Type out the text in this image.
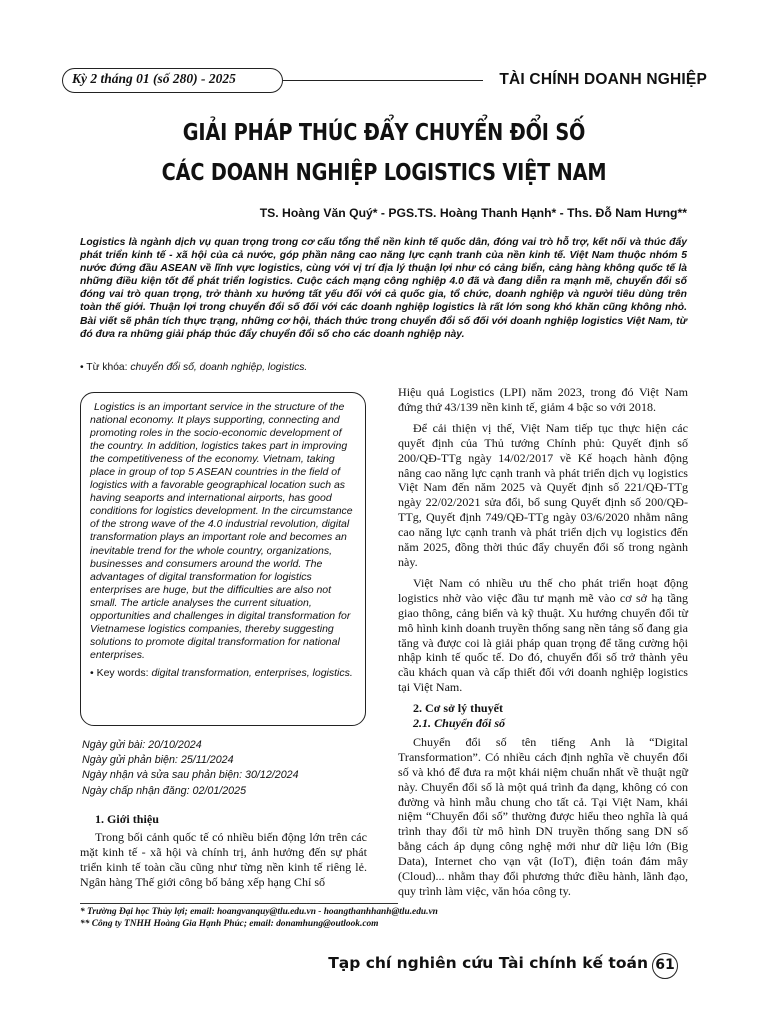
Kỳ 2 tháng 01 (số 280) - 2025	TÀI CHÍNH DOANH NGHIỆP
GIẢI PHÁP THÚC ĐẨY CHUYỂN ĐỔI SỐ
CÁC DOANH NGHIỆP LOGISTICS VIỆT NAM
TS. Hoàng Văn Quý* - PGS.TS. Hoàng Thanh Hạnh* - Ths. Đỗ Nam Hưng**
Logistics là ngành dịch vụ quan trọng trong cơ cấu tổng thể nền kinh tế quốc dân, đóng vai trò hỗ trợ, kết nối và thúc đẩy phát triển kinh tế - xã hội của cả nước, góp phần nâng cao năng lực cạnh tranh của nền kinh tế. Việt Nam thuộc nhóm 5 nước đứng đầu ASEAN về lĩnh vực logistics, cùng với vị trí địa lý thuận lợi như có cảng biển, cảng hàng không quốc tế là những điều kiện tốt để phát triển logistics. Cuộc cách mạng công nghiệp 4.0 đã và đang diễn ra mạnh mẽ, chuyển đổi số đóng vai trò quan trọng, trở thành xu hướng tất yếu đối với cả quốc gia, tổ chức, doanh nghiệp và người tiêu dùng trên toàn thế giới. Thuận lợi trong chuyển đổi số đối với các doanh nghiệp logistics là rất lớn song khó khăn cũng không nhỏ. Bài viết sẽ phân tích thực trạng, những cơ hội, thách thức trong chuyển đổi số đối với doanh nghiệp logistics Việt Nam, từ đó đưa ra những giải pháp thúc đẩy chuyển đổi số cho các doanh nghiệp này.
• Từ khóa: chuyển đổi số, doanh nghiệp, logistics.

Logistics is an important service in the structure of the national economy. It plays supporting, connecting and promoting roles in the socio-economic development of the country. In addition, logistics takes part in improving the competitiveness of the economy. Vietnam, taking place in group of top 5 ASEAN countries in the field of logistics with a favorable geographical location such as having seaports and international airports, has good conditions for logistics development. In the circumstance of the strong wave of the 4.0 industrial revolution, digital transformation plays an important role and becomes an inevitable trend for the whole country, organizations, businesses and consumers around the world. The advantages of digital transformation for logistics enterprises are huge, but the difficulties are also not small. The article analyses the current situation, opportunities and challenges in digital transformation for Vietnamese logistics companies, thereby suggesting solutions to promote digital transformation for national enterprises.

• Key words: digital transformation, enterprises, logistics.

Ngày gửi bài: 20/10/2024
Ngày gửi phản biện: 25/11/2024
Ngày nhận và sửa sau phản biện: 30/12/2024
Ngày chấp nhận đăng: 02/01/2025

1. Giới thiệu

Trong bối cảnh quốc tế có nhiều biến động lớn trên các mặt kinh tế - xã hội và chính trị, ảnh hưởng đến sự phát triển kinh tế toàn cầu cũng như từng nền kinh tế riêng lẻ. Ngân hàng Thế giới công bố bảng xếp hạng Chỉ số

Hiệu quả Logistics (LPI) năm 2023, trong đó Việt Nam đứng thứ 43/139 nền kinh tế, giảm 4 bậc so với 2018.

Để cải thiện vị thế, Việt Nam tiếp tục thực hiện các quyết định của Thủ tướng Chính phủ: Quyết định số 200/QĐ-TTg ngày 14/02/2017 về Kế hoạch hành động nâng cao năng lực cạnh tranh và phát triển dịch vụ logistics Việt Nam đến năm 2025 và Quyết định số 221/QĐ-TTg ngày 22/02/2021 sửa đổi, bổ sung Quyết định số 200/QĐ-TTg, Quyết định 749/QĐ-TTg ngày 03/6/2020 nhằm nâng cao năng lực cạnh tranh và phát triển dịch vụ logistics đến năm 2025, đồng thời thúc đẩy chuyển đổi số trong ngành này.

Việt Nam có nhiều ưu thế cho phát triển hoạt động logistics nhờ vào việc đầu tư mạnh mẽ vào cơ sở hạ tầng giao thông, cảng biển và kỹ thuật. Xu hướng chuyển đổi từ mô hình kinh doanh truyền thống sang nền tảng số đang gia tăng và được coi là giải pháp quan trọng để tăng cường hội nhập kinh tế quốc tế. Do đó, chuyển đổi số trở thành yêu cầu khách quan và cấp thiết đối với doanh nghiệp logistics tại Việt Nam.

2. Cơ sở lý thuyết

2.1. Chuyển đổi số

Chuyển đổi số tên tiếng Anh là “Digital Transformation”. Có nhiều cách định nghĩa về chuyển đổi số và khó để đưa ra một khái niệm chuẩn nhất về thuật ngữ này. Chuyển đổi số là một quá trình đa dạng, không có con đường và hình mẫu chung cho tất cả. Tại Việt Nam, khái niệm “Chuyển đổi số” thường được hiểu theo nghĩa là quá trình thay đổi từ mô hình DN truyền thống sang DN số bằng cách áp dụng công nghệ mới như dữ liệu lớn (Big Data), Internet cho vạn vật (IoT), điện toán đám mây (Cloud)... nhằm thay đổi phương thức điều hành, lãnh đạo, quy trình làm việc, văn hóa công ty.

* Trường Đại học Thủy lợi; email: hoangvanquy@tlu.edu.vn - hoangthanhhanh@tlu.edu.vn
** Công ty TNHH Hoàng Gia Hạnh Phúc; email: donamhung@outlook.com
Tạp chí nghiên cứu Tài chính kế toán 61
